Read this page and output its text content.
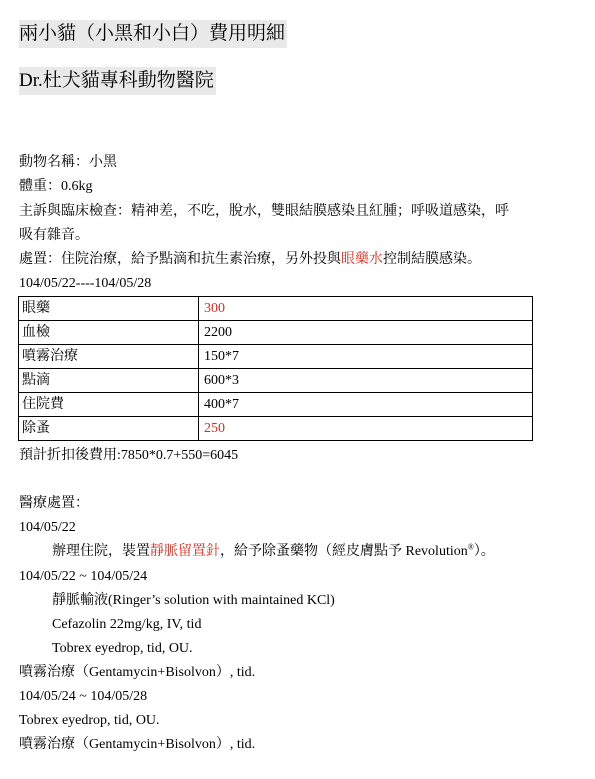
兩小貓（小黑和小白）費用明細
Dr.杜犬貓專科動物醫院
動物名稱：小黑
體重：0.6kg
主訴與臨床檢查：精神差，不吃，脫水，雙眼結膜感染且紅腫；呼吸道感染，呼
吸有雜音。
處置：住院治療，給予點滴和抗生素治療，另外投與眼藥水控制結膜感染。
104/05/22----104/05/28
眼藥	300
血檢	2200
噴霧治療	150*7
點滴	600*3
住院費	400*7
除蚤	250
預計折扣後費用:7850*0.7+550=6045
醫療處置：
104/05/22
辦理住院，裝置靜脈留置針，給予除蚤藥物（經皮膚點予 Revolution®）。
104/05/22 ~ 104/05/24
靜脈輸液(Ringer’s solution with maintained KCl)
Cefazolin 22mg/kg, IV, tid
Tobrex eyedrop, tid, OU.
噴霧治療（Gentamycin+Bisolvon）, tid.
104/05/24 ~ 104/05/28
Tobrex eyedrop, tid, OU.
噴霧治療（Gentamycin+Bisolvon）, tid.
